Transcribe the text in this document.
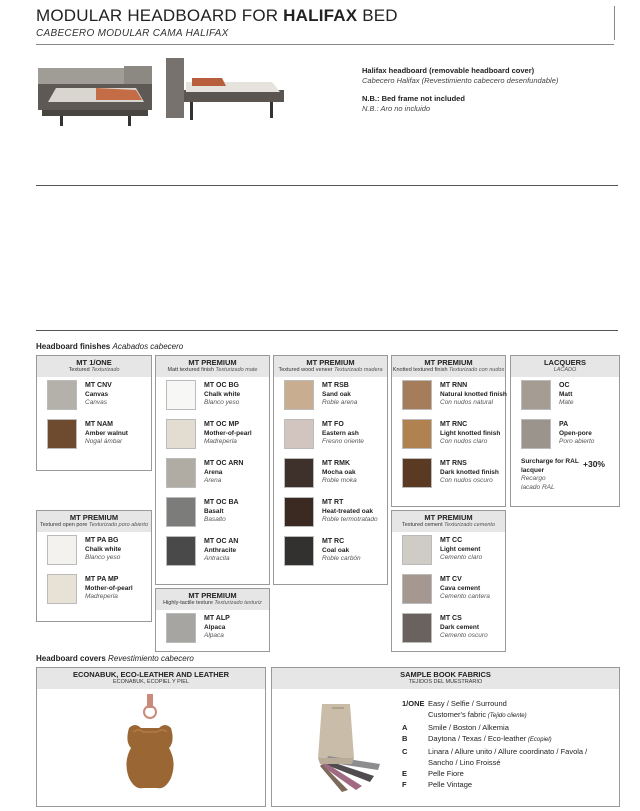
MODULAR HEADBOARD FOR HALIFAX BED
CABECERO MODULAR CAMA HALIFAX
Halifax headboard (removable headboard cover)
Cabecero Halifax (Revestimiento cabecero desenfundable)
N.B.: Bed frame not included
N.B.: Aro no incluido
Headboard finishes Acabados cabecero
MT 1/ONE
Textured Texturizado
MT CNV
Canvas
Canvas
MT NAM
Amber walnut
Nogal ámbar
MT PREMIUM
Matt textured finish Texturizado mate
MT OC BG
Chalk white
Blanco yeso
MT OC MP
Mother-of-pearl
Madreperla
MT OC ARN
Arena
Arena
MT OC BA
Basalt
Basalto
MT OC AN
Anthracite
Antracita
MT PREMIUM
Textured wood veneer Texturizado madera
MT RSB
Sand oak
Roble arena
MT FO
Eastern ash
Fresno oriente
MT RMK
Mocha oak
Roble moka
MT RT
Heat-treated oak
Roble termotratado
MT RC
Coal oak
Roble carbón
MT PREMIUM
Knotted textured finish Texturizado con nudos
MT RNN
Natural knotted finish
Con nudos natural
MT RNC
Light knotted finish
Con nudos claro
MT RNS
Dark knotted finish
Con nudos oscuro
LACQUERS
LACADO
OC
Matt
Mate
PA
Open-pore
Poro abierto
Surcharge for RAL
lacquer
Recargo
lacado RAL
+30%
MT PREMIUM
Textured open pore Texturizado poro abierto
MT PA BG
Chalk white
Blanco yeso
MT PA MP
Mother-of-pearl
Madreperla	MT PREMIUM
Highly-tactile texture Texturizado texturiz
MT ALP
Alpaca
Alpaca
MT PREMIUM
Textured cement Texturizado cemento
MT CC
Light cement
Cemento claro
MT CV
Cava cement
Cemento cantera
MT CS
Dark cement
Cemento oscuro
Headboard covers Revestimiento cabecero
ECONABUK, ECO-LEATHER AND LEATHER
ECONABUK, ECOPIEL Y PIEL
SAMPLE BOOK FABRICS
TEJIDOS DEL MUESTRARIO
1/ONE Easy / Selfie / Surround
Customer's fabric (Tejido cliente)
A	Smile / Boston / Alkemia
B	Daytona / Texas / Eco-leather (Ecopiel)
C	Linara / Allure unito / Allure coordinato / Favola /
Sancho / Lino Froissé
E	Pelle Fiore
F	Pelle Vintage
